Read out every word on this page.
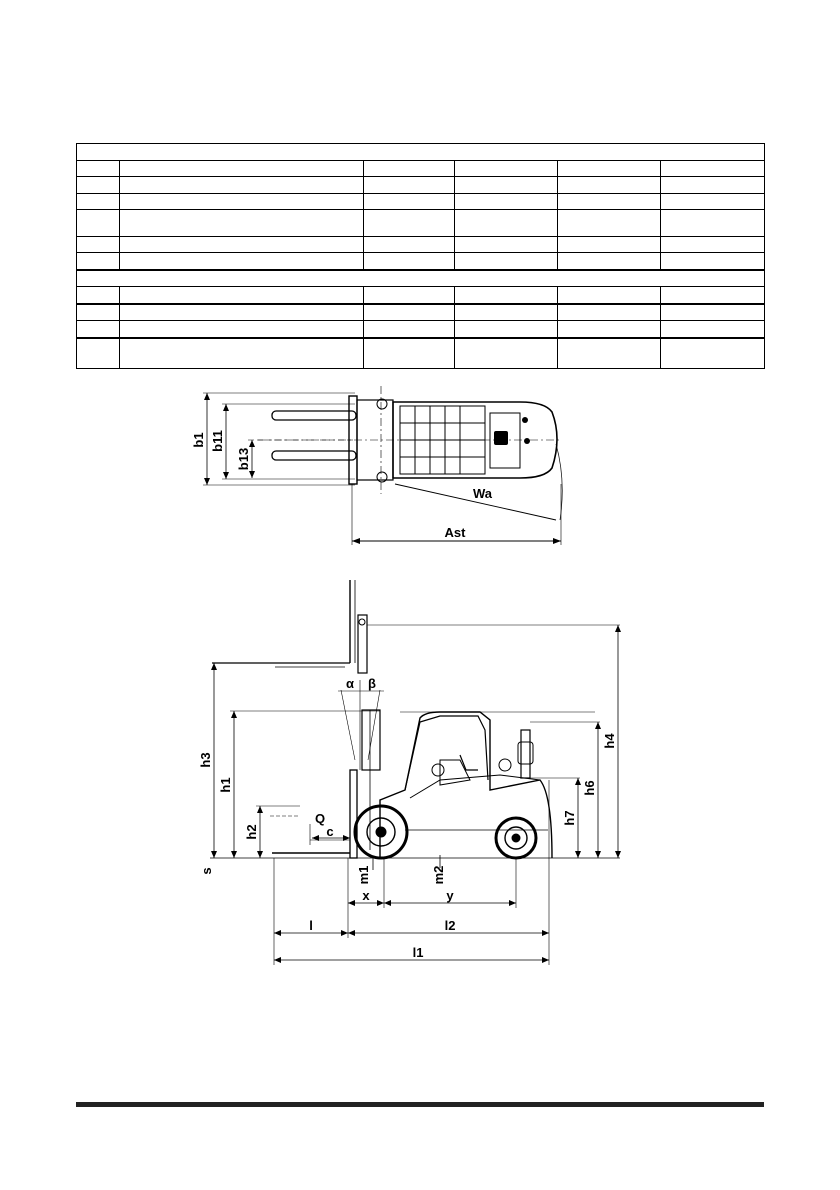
b1 b11
b13
Wa
Ast
h3
h1
h2
Q
c
s	m1	m2
x	y
l	l2
l1
h4
h6
h7
α β
